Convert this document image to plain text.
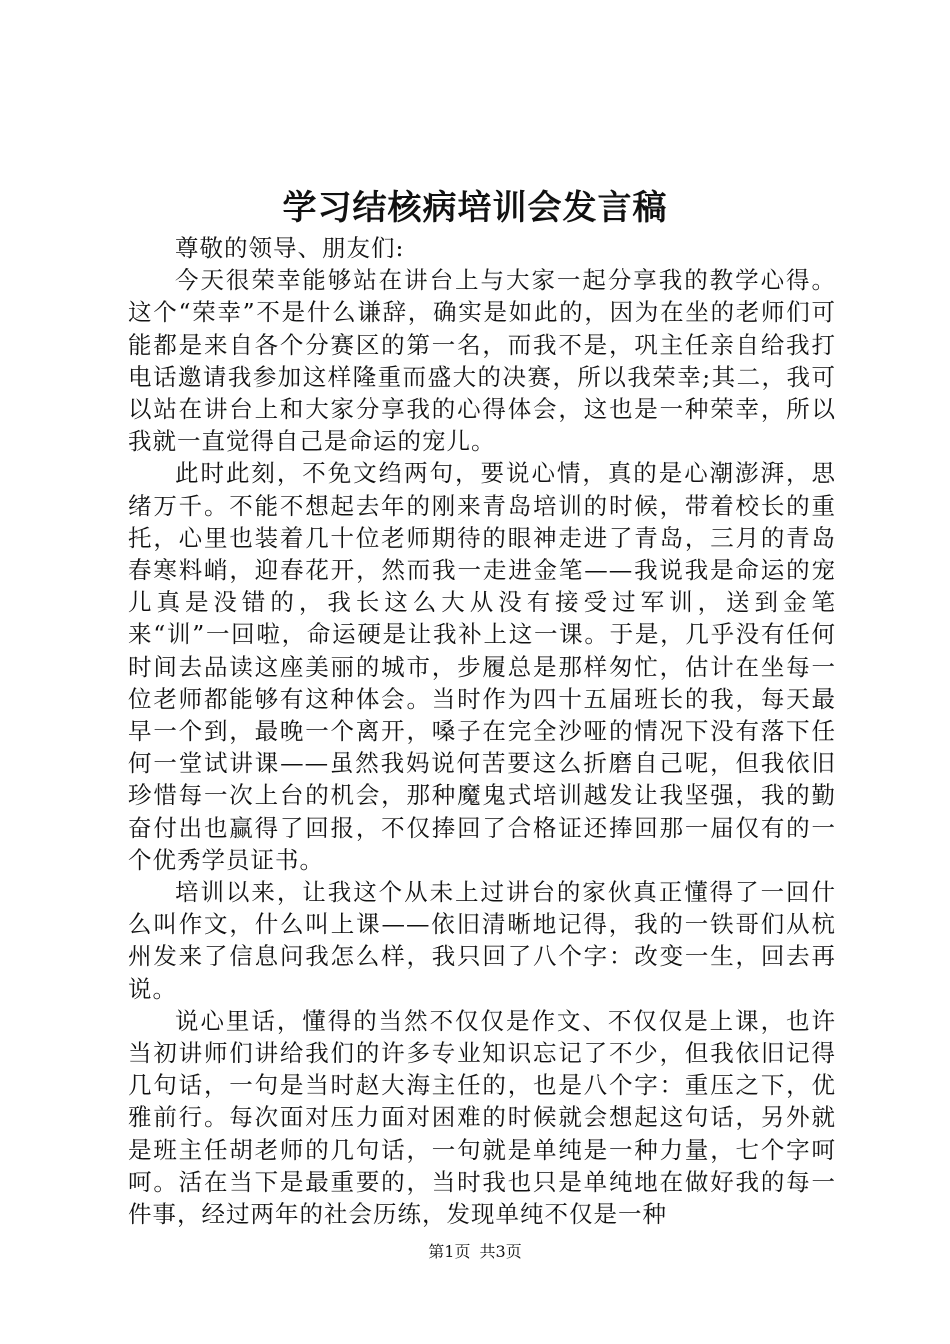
学习结核病培训会发言稿

尊敬的领导、朋友们:

今天很荣幸能够站在讲台上与大家一起分享我的教学心得。这个“荣幸”不是什么谦辞，确实是如此的，因为在坐的老师们可能都是来自各个分赛区的第一名，而我不是，巩主任亲自给我打电话邀请我参加这样隆重而盛大的决赛，所以我荣幸;其二，我可以站在讲台上和大家分享我的心得体会，这也是一种荣幸，所以我就一直觉得自己是命运的宠儿。

此时此刻，不免文绉两句，要说心情，真的是心潮澎湃，思绪万千。不能不想起去年的刚来青岛培训的时候，带着校长的重托，心里也装着几十位老师期待的眼神走进了青岛，三月的青岛春寒料峭，迎春花开，然而我一走进金笔——我说我是命运的宠儿真是没错的，我长这么大从没有接受过军训，送到金笔来“训”一回啦，命运硬是让我补上这一课。于是，几乎没有任何时间去品读这座美丽的城市，步履总是那样匆忙，估计在坐每一位老师都能够有这种体会。当时作为四十五届班长的我，每天最早一个到，最晚一个离开，嗓子在完全沙哑的情况下没有落下任何一堂试讲课——虽然我妈说何苦要这么折磨自己呢，但我依旧珍惜每一次上台的机会，那种魔鬼式培训越发让我坚强，我的勤奋付出也赢得了回报，不仅捧回了合格证还捧回那一届仅有的一个优秀学员证书。

培训以来，让我这个从未上过讲台的家伙真正懂得了一回什么叫作文，什么叫上课——依旧清晰地记得，我的一铁哥们从杭州发来了信息问我怎么样，我只回了八个字：改变一生，回去再说。

说心里话，懂得的当然不仅仅是作文、不仅仅是上课，也许当初讲师们讲给我们的许多专业知识忘记了不少，但我依旧记得几句话，一句是当时赵大海主任的，也是八个字：重压之下，优雅前行。每次面对压力面对困难的时候就会想起这句话，另外就是班主任胡老师的几句话，一句就是单纯是一种力量，七个字呵呵。活在当下是最重要的，当时我也只是单纯地在做好我的每一件事，经过两年的社会历练，发现单纯不仅是一种

第1页 共3页
